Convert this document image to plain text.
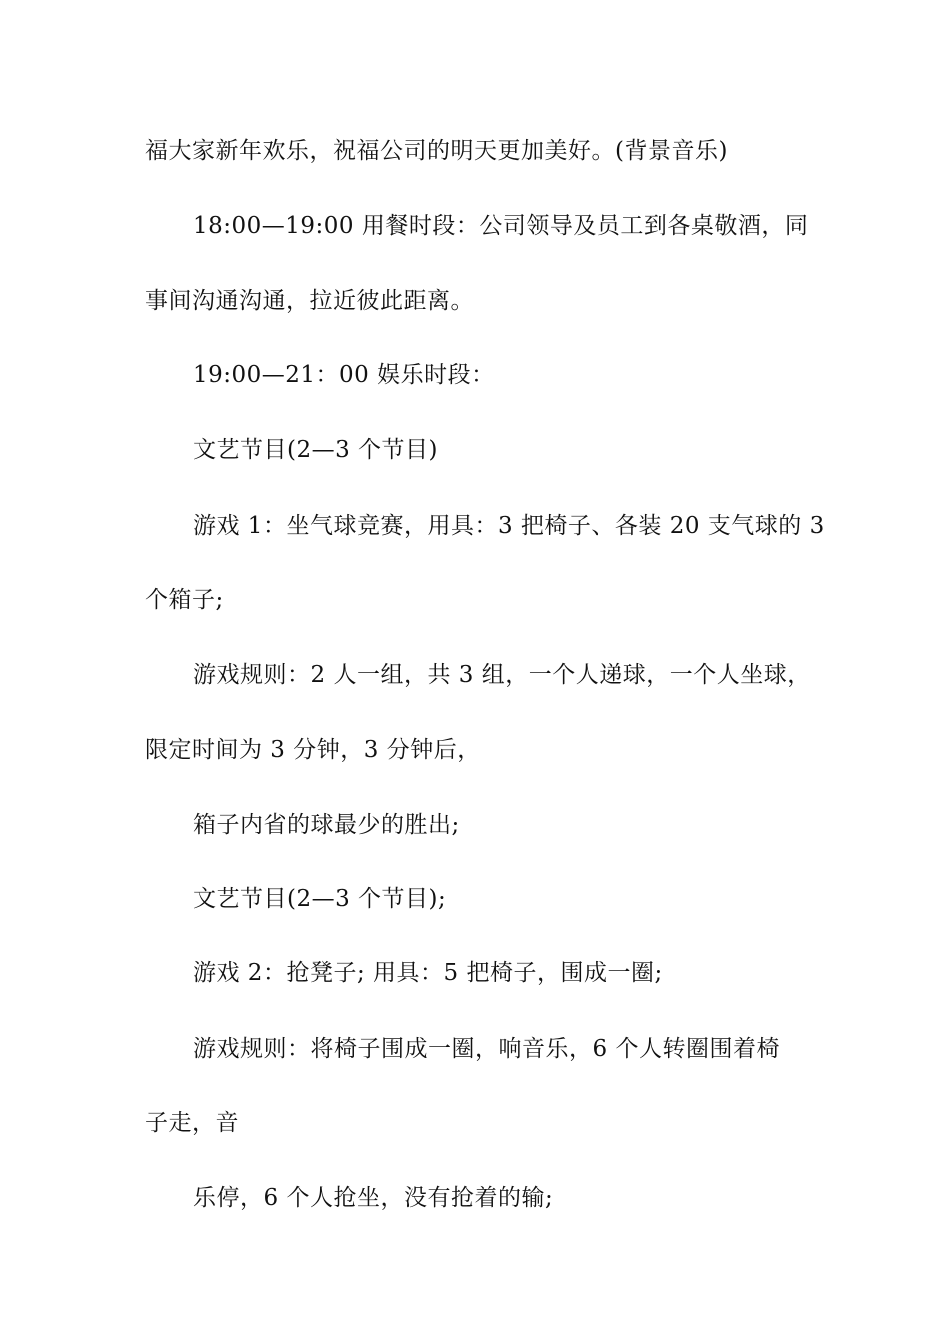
福大家新年欢乐，祝福公司的明天更加美好。(背景音乐)

18:00—19:00 用餐时段：公司领导及员工到各桌敬酒，同

事间沟通沟通，拉近彼此距离。

19:00—21：00 娱乐时段：

文艺节目(2—3 个节目)

游戏 1：坐气球竞赛，用具：3 把椅子、各装 20 支气球的 3

个箱子;

游戏规则：2 人一组，共 3 组，一个人递球，一个人坐球，

限定时间为 3 分钟，3 分钟后，

箱子内省的球最少的胜出;

文艺节目(2—3 个节目);

游戏 2：抢凳子; 用具：5 把椅子，围成一圈;

游戏规则：将椅子围成一圈，响音乐，6 个人转圈围着椅

子走，音

乐停，6 个人抢坐，没有抢着的输;
